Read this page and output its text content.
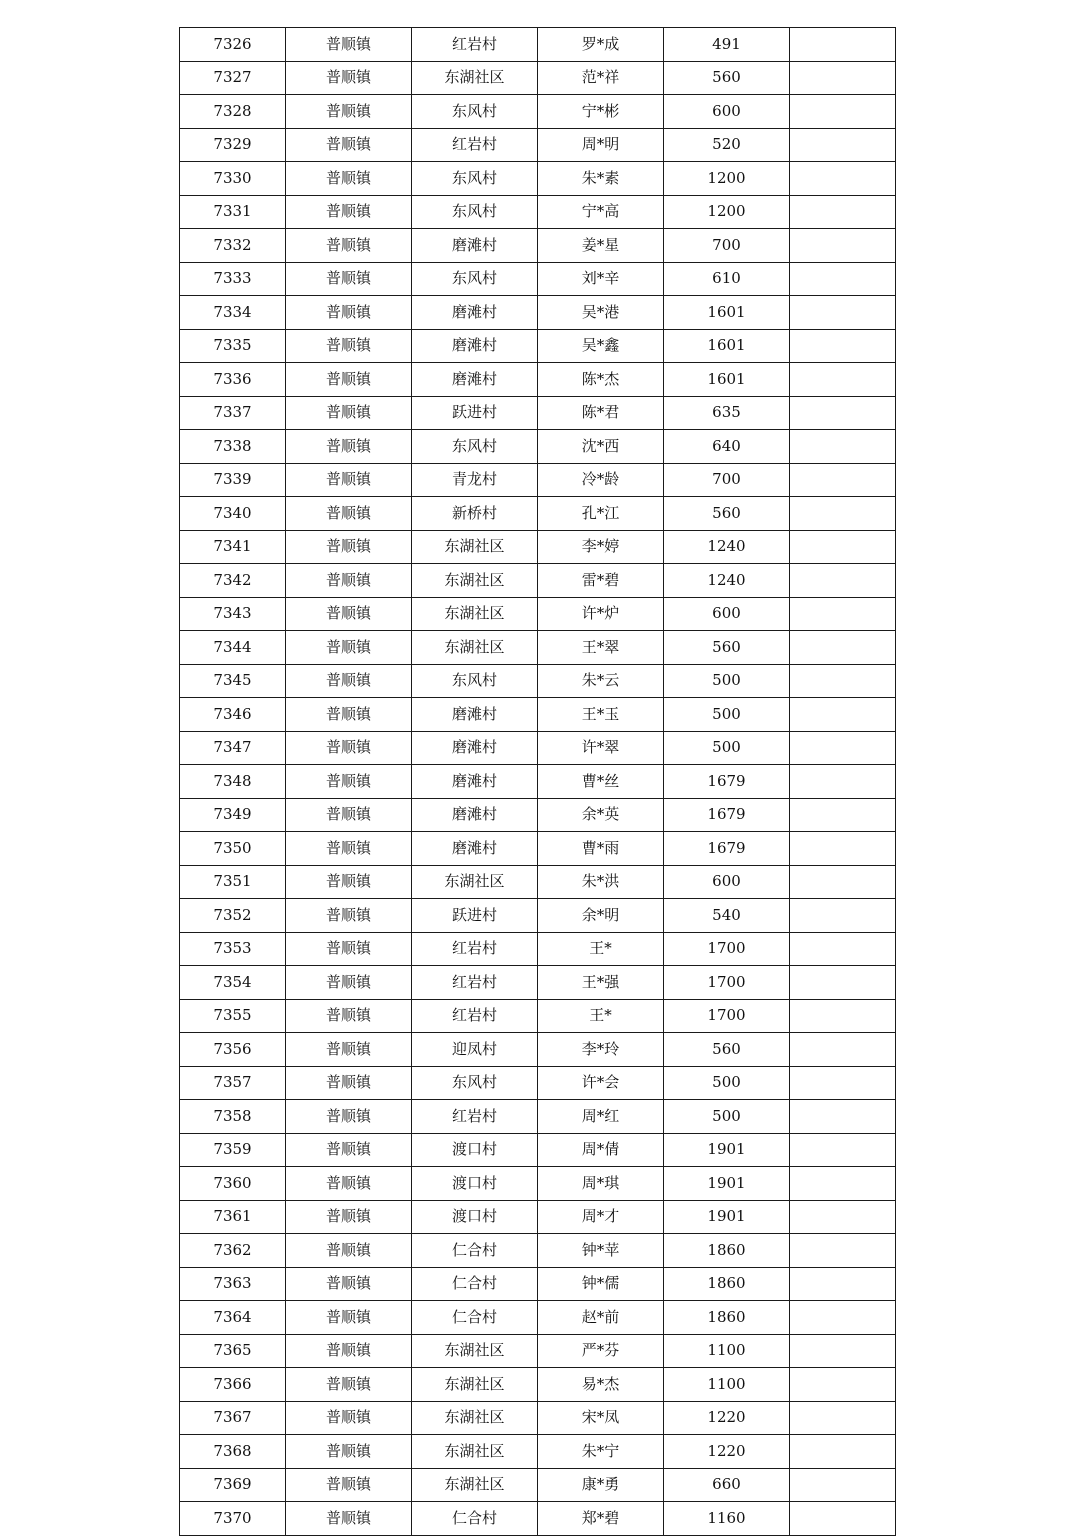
7326	普顺镇	红岩村	罗*成	491	
7327	普顺镇	东湖社区	范*祥	560	
7328	普顺镇	东风村	宁*彬	600	
7329	普顺镇	红岩村	周*明	520	
7330	普顺镇	东风村	朱*素	1200	
7331	普顺镇	东风村	宁*高	1200	
7332	普顺镇	磨滩村	姜*星	700	
7333	普顺镇	东风村	刘*辛	610	
7334	普顺镇	磨滩村	吴*港	1601	
7335	普顺镇	磨滩村	吴*鑫	1601	
7336	普顺镇	磨滩村	陈*杰	1601	
7337	普顺镇	跃进村	陈*君	635	
7338	普顺镇	东风村	沈*西	640	
7339	普顺镇	青龙村	冷*龄	700	
7340	普顺镇	新桥村	孔*江	560	
7341	普顺镇	东湖社区	李*婷	1240	
7342	普顺镇	东湖社区	雷*碧	1240	
7343	普顺镇	东湖社区	许*炉	600	
7344	普顺镇	东湖社区	王*翠	560	
7345	普顺镇	东风村	朱*云	500	
7346	普顺镇	磨滩村	王*玉	500	
7347	普顺镇	磨滩村	许*翠	500	
7348	普顺镇	磨滩村	曹*丝	1679	
7349	普顺镇	磨滩村	余*英	1679	
7350	普顺镇	磨滩村	曹*雨	1679	
7351	普顺镇	东湖社区	朱*洪	600	
7352	普顺镇	跃进村	余*明	540	
7353	普顺镇	红岩村	王*	1700	
7354	普顺镇	红岩村	王*强	1700	
7355	普顺镇	红岩村	王*	1700	
7356	普顺镇	迎凤村	李*玲	560	
7357	普顺镇	东风村	许*会	500	
7358	普顺镇	红岩村	周*红	500	
7359	普顺镇	渡口村	周*倩	1901	
7360	普顺镇	渡口村	周*琪	1901	
7361	普顺镇	渡口村	周*才	1901	
7362	普顺镇	仁合村	钟*苹	1860	
7363	普顺镇	仁合村	钟*儒	1860	
7364	普顺镇	仁合村	赵*前	1860	
7365	普顺镇	东湖社区	严*芬	1100	
7366	普顺镇	东湖社区	易*杰	1100	
7367	普顺镇	东湖社区	宋*凤	1220	
7368	普顺镇	东湖社区	朱*宁	1220	
7369	普顺镇	东湖社区	康*勇	660	
7370	普顺镇	仁合村	郑*碧	1160	
